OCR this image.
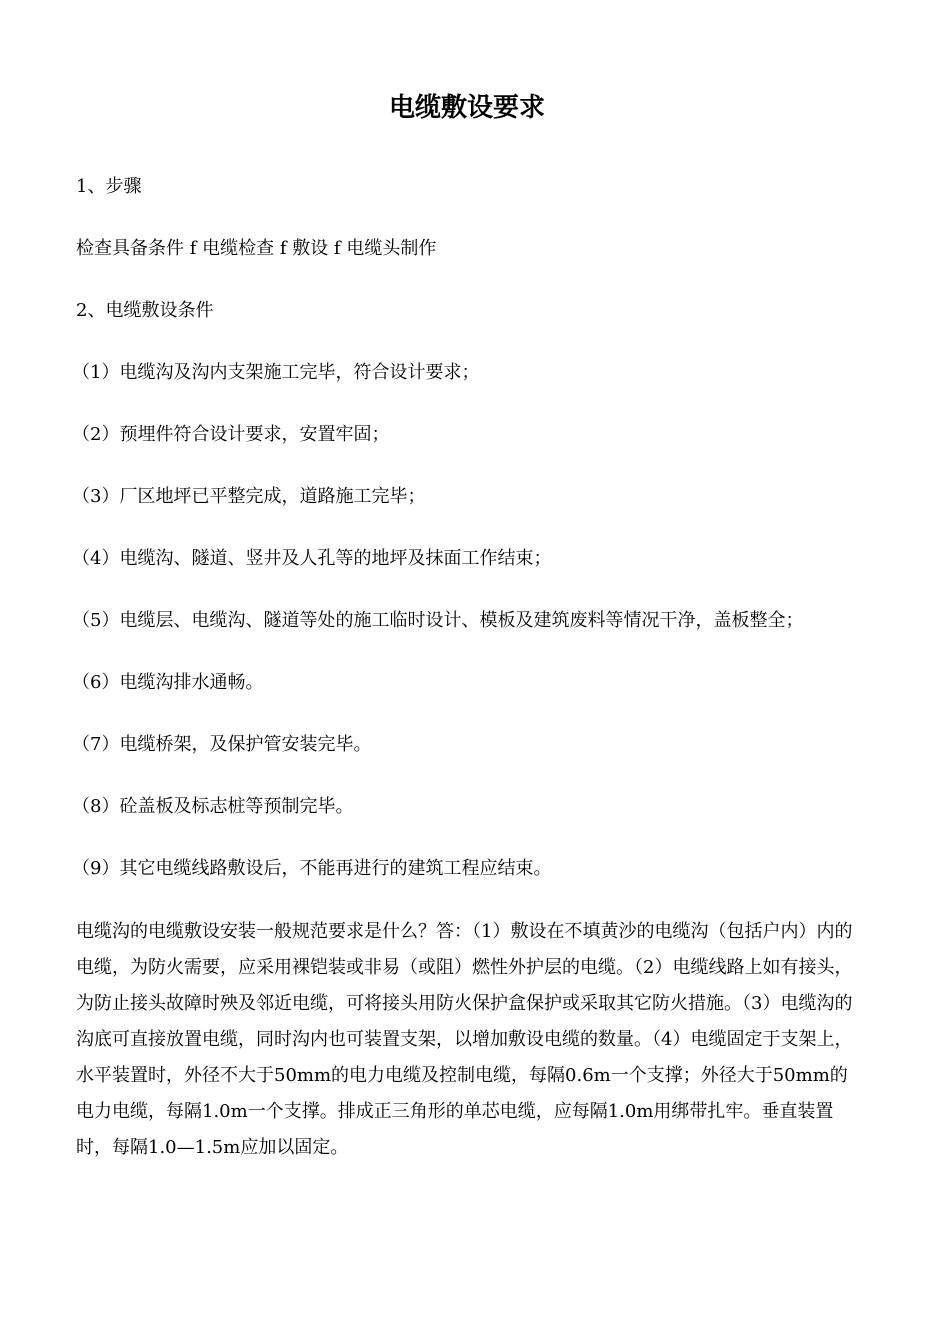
电缆敷设要求

1、步骤

检查具备条件 f 电缆检查 f 敷设 f 电缆头制作

2、电缆敷设条件

（1）电缆沟及沟内支架施工完毕，符合设计要求；

（2）预埋件符合设计要求，安置牢固；

（3）厂区地坪已平整完成，道路施工完毕；

（4）电缆沟、隧道、竖井及人孔等的地坪及抹面工作结束；

（5）电缆层、电缆沟、隧道等处的施工临时设计、模板及建筑废料等情况干净，盖板整全；

（6）电缆沟排水通畅。

（7）电缆桥架，及保护管安装完毕。

（8）砼盖板及标志桩等预制完毕。

（9）其它电缆线路敷设后，不能再进行的建筑工程应结束。

电缆沟的电缆敷设安装一般规范要求是什么？答：（1）敷设在不填黄沙的电缆沟（包括户内）内的电缆，为防火需要，应采用裸铠装或非易（或阻）燃性外护层的电缆。（2）电缆线路上如有接头，为防止接头故障时殃及邻近电缆，可将接头用防火保护盒保护或采取其它防火措施。（3）电缆沟的沟底可直接放置电缆，同时沟内也可装置支架，以增加敷设电缆的数量。（4）电缆固定于支架上，水平装置时，外径不大于50mm的电力电缆及控制电缆，每隔0.6m一个支撑；外径大于50mm的电力电缆，每隔1.0m一个支撑。排成正三角形的单芯电缆，应每隔1.0m用绑带扎牢。垂直装置时，每隔1.0—1.5m应加以固定。
